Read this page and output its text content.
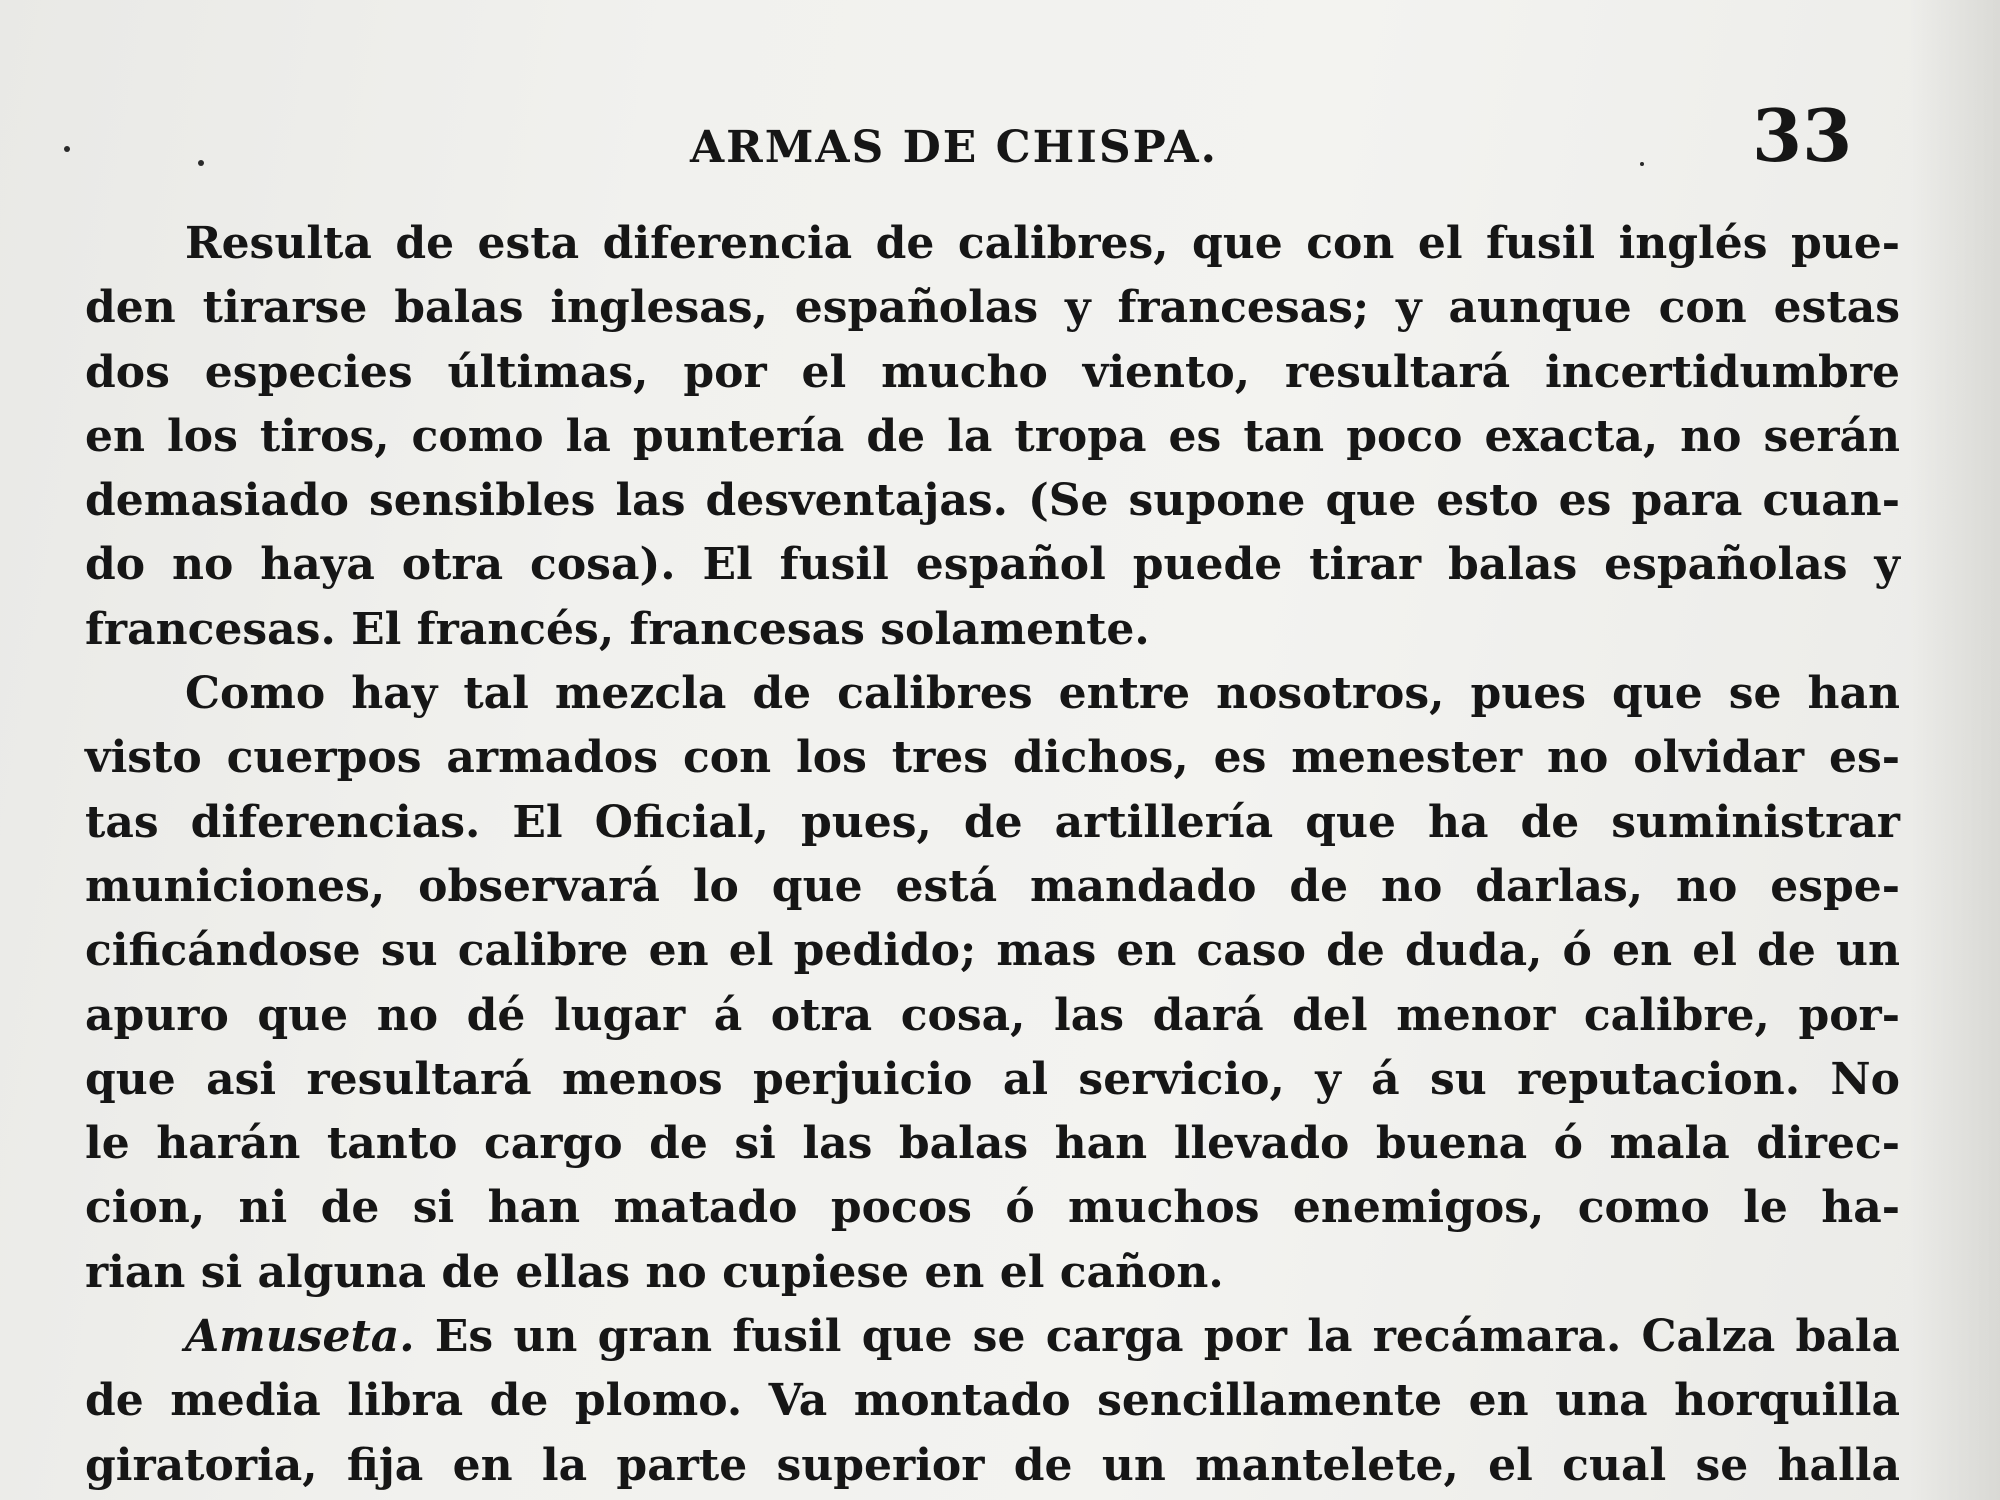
ARMAS DE CHISPA.	33
Resulta de esta diferencia de calibres, que con el fusil inglés pue-
den tirarse balas inglesas, españolas y francesas; y aunque con estas
dos especies últimas, por el mucho viento, resultará incertidumbre
en los tiros, como la puntería de la tropa es tan poco exacta, no serán
demasiado sensibles las desventajas. (Se supone que esto es para cuan-
do no haya otra cosa). El fusil español puede tirar balas españolas y
francesas. El francés, francesas solamente.
Como hay tal mezcla de calibres entre nosotros, pues que se han
visto cuerpos armados con los tres dichos, es menester no olvidar es-
tas diferencias. El Oficial, pues, de artillería que ha de suministrar
municiones, observará lo que está mandado de no darlas, no espe-
cificándose su calibre en el pedido; mas en caso de duda, ó en el de un
apuro que no dé lugar á otra cosa, las dará del menor calibre, por-
que asi resultará menos perjuicio al servicio, y á su reputacion. No
le harán tanto cargo de si las balas han llevado buena ó mala direc-
cion, ni de si han matado pocos ó muchos enemigos, como le ha-
rian si alguna de ellas no cupiese en el cañon.
Amuseta. Es un gran fusil que se carga por la recámara. Calza bala
de media libra de plomo. Va montado sencillamente en una horquilla
giratoria, fija en la parte superior de un mantelete, el cual se halla
